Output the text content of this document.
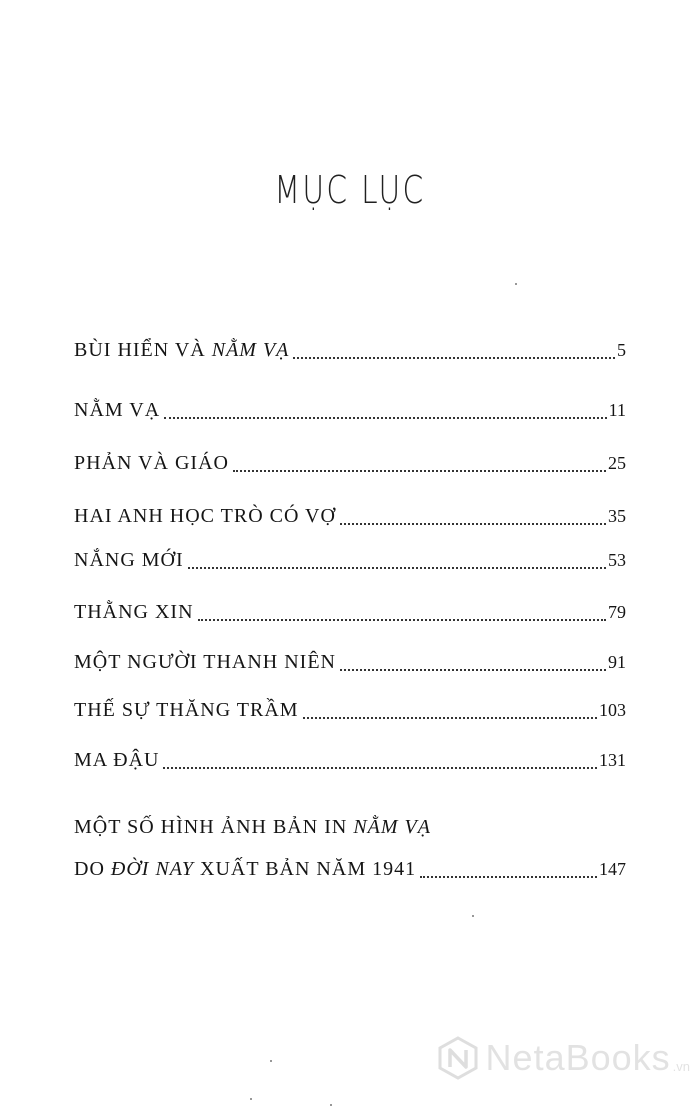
MỤC LỤC
BÙI HIỂN VÀ NẰM VẠ	5
NẰM VẠ	11
PHẢN VÀ GIÁO	25
HAI ANH HỌC TRÒ CÓ VỢ	35
NẮNG MỚI	53
THẰNG XIN	79
MỘT NGƯỜI THANH NIÊN	91
THẾ SỰ THĂNG TRẦM	103
MA ĐẬU	131
MỘT SỐ HÌNH ẢNH BẢN IN NẰM VẠ
DO ĐỜI NAY XUẤT BẢN NĂM 1941	147
NetaBooks .vn
